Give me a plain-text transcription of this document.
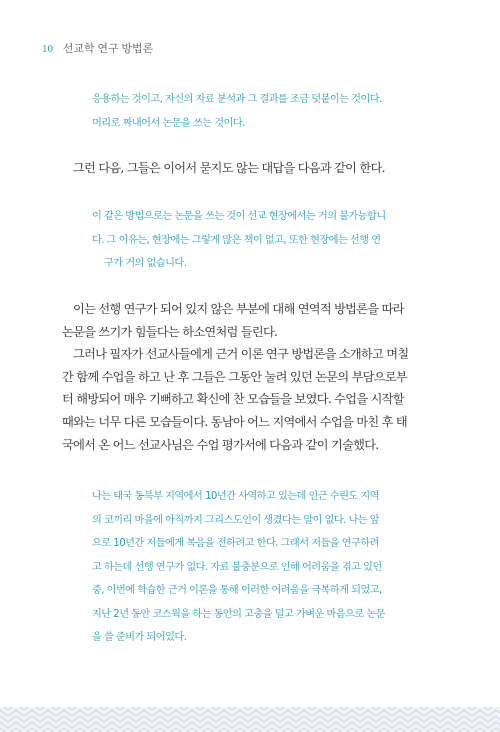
10 선교학 연구 방법론

응용하는 것이고, 자신의 자료 분석과 그 결과를 조금 덧붙이는 것이다.

머리로 짜내어서 논문을 쓰는 것이다.

그런 다음, 그들은 이어서 묻지도 않는 대답을 다음과 같이 한다.

이 같은 방법으로는 논문을 쓰는 것이 선교 현장에서는 거의 불가능합니

다. 그 이유는, 현장에는 그렇게 많은 책이 없고, 또한 현장에는 선행 연

구가 거의 없습니다.

이는 선행 연구가 되어 있지 않은 부분에 대해 연역적 방법론을 따라

논문을 쓰기가 힘들다는 하소연처럼 들린다.

그러나 필자가 선교사들에게 근거 이론 연구 방법론을 소개하고 며칠

간 함께 수업을 하고 난 후 그들은 그동안 눌려 있던 논문의 부담으로부

터 해방되어 매우 기뻐하고 확신에 찬 모습들을 보였다. 수업을 시작할

때와는 너무 다른 모습들이다. 동남아 어느 지역에서 수업을 마친 후 태

국에서 온 어느 선교사님은 수업 평가서에 다음과 같이 기술했다.

나는 태국 동북부 지역에서 10년간 사역하고 있는데 인근 수린도 지역

의 코끼리 마을에 아직까지 그리스도인이 생겼다는 말이 없다. 나는 앞

으로 10년간 저들에게 복음을 전하려고 한다. 그래서 저들을 연구하려

고 하는데 선행 연구가 없다. 자료 불충분으로 인해 어려움을 겪고 있던

중, 이번에 학습한 근거 이론을 통해 이러한 어려움을 극복하게 되었고,

지난 2년 동안 코스웍을 하는 동안의 고충을 덜고 가벼운 마음으로 논문

을 쓸 준비가 되어있다.
